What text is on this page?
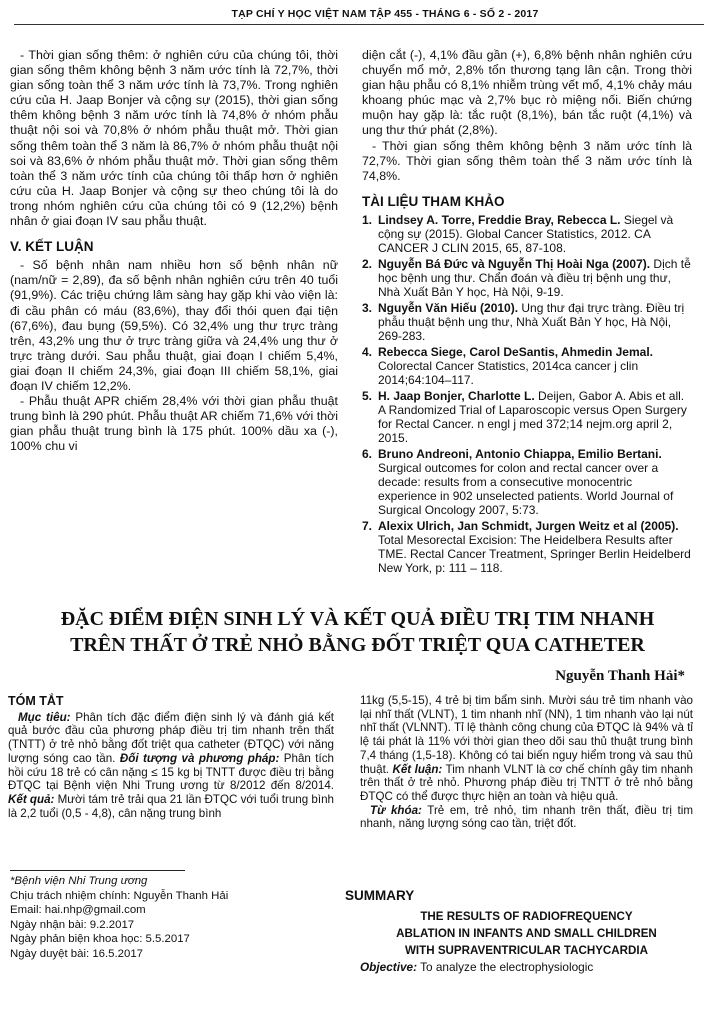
TẠP CHÍ Y HỌC VIỆT NAM TẬP 455 - THÁNG 6 - SỐ 2 - 2017

- Thời gian sống thêm: ở nghiên cứu của chúng tôi, thời gian sống thêm không bệnh 3 năm ước tính là 72,7%, thời gian sống toàn thể 3 năm ước tính là 73,7%. Trong nghiên cứu của H. Jaap Bonjer và cộng sự (2015), thời gian sống thêm không bệnh 3 năm ước tính là 74,8% ở nhóm phẫu thuật nội soi và 70,8% ở nhóm phẫu thuật mở. Thời gian sống thêm toàn thể 3 năm là 86,7% ở nhóm phẫu thuật nội soi và 83,6% ở nhóm phẫu thuật mở. Thời gian sống thêm toàn thể 3 năm ước tính của chúng tôi thấp hơn ở nghiên cứu của H. Jaap Bonjer và cộng sự theo chúng tôi là do trong nhóm nghiên cứu của chúng tôi có 9 (12,2%) bệnh nhân ở giai đoạn IV sau phẫu thuật.

V. KẾT LUẬN

- Số bệnh nhân nam nhiều hơn số bệnh nhân nữ (nam/nữ = 2,89), đa số bệnh nhân nghiên cứu trên 40 tuổi (91,9%). Các triệu chứng lâm sàng hay gặp khi vào viện là: đi cầu phân có máu (83,6%), thay đổi thói quen đại tiện (67,6%), đau bụng (59,5%). Có 32,4% ung thư trực tràng trên, 43,2% ung thư ở trực tràng giữa và 24,4% ung thư ở trực tràng dưới. Sau phẫu thuật, giai đoạn I chiếm 5,4%, giai đoạn II chiếm 24,3%, giai đoạn III chiếm 58,1%, giai đoạn IV chiếm 12,2%.

- Phẫu thuật APR chiếm 28,4% với thời gian phẫu thuật trung bình là 290 phút. Phẫu thuật AR chiếm 71,6% với thời gian phẫu thuật trung bình là 175 phút. 100% dầu xa (-), 100% chu vi

diện cắt (-), 4,1% đầu gần (+), 6,8% bệnh nhân nghiên cứu chuyển mổ mở, 2,8% tổn thương tạng lân cận. Trong thời gian hậu phẫu có 8,1% nhiễm trùng vết mổ, 4,1% chảy máu khoang phúc mạc và 2,7% bục rò miệng nối. Biến chứng muộn hay gặp là: tắc ruột (8,1%), bán tắc ruột (4,1%) và ung thư thứ phát (2,8%).

- Thời gian sống thêm không bệnh 3 năm ước tính là 72,7%. Thời gian sống thêm toàn thể 3 năm ước tính là 74,8%.

TÀI LIỆU THAM KHẢO
1. Lindsey A. Torre, Freddie Bray, Rebecca L. Siegel và cộng sự (2015). Global Cancer Statistics, 2012. CA CANCER J CLIN 2015, 65, 87-108.
2. Nguyễn Bá Đức và Nguyễn Thị Hoài Nga (2007). Dịch tễ học bệnh ung thư. Chẩn đoán và điều trị bệnh ung thư, Nhà Xuất Bản Y học, Hà Nội, 9-19.
3. Nguyễn Văn Hiếu (2010). Ung thư đại trực tràng. Điều trị phẫu thuật bệnh ung thư, Nhà Xuất Bản Y học, Hà Nội, 269-283.
4. Rebecca Siege, Carol DeSantis, Ahmedin Jemal. Colorectal Cancer Statistics, 2014ca cancer j clin 2014;64:104–117.
5. H. Jaap Bonjer, Charlotte L. Deijen, Gabor A. Abis et all. A Randomized Trial of Laparoscopic versus Open Surgery for Rectal Cancer. n engl j med 372;14 nejm.org april 2, 2015.
6. Bruno Andreoni, Antonio Chiappa, Emilio Bertani. Surgical outcomes for colon and rectal cancer over a decade: results from a consecutive monocentric experience in 902 unselected patients. World Journal of Surgical Oncology 2007, 5:73.
7. Alexix Ulrich, Jan Schmidt, Jurgen Weitz et al (2005). Total Mesorectal Excision: The Heidelbera Results after TME. Rectal Cancer Treatment, Springer Berlin Heidelberd New York, p: 111 – 118.
ĐẶC ĐIỂM ĐIỆN SINH LÝ VÀ KẾT QUẢ ĐIỀU TRỊ TIM NHANH
TRÊN THẤT Ở TRẺ NHỎ BẰNG ĐỐT TRIỆT QUA CATHETER
Nguyễn Thanh Hải*
TÓM TẮT

Mục tiêu: Phân tích đặc điểm điện sinh lý và đánh giá kết quả bước đầu của phương pháp điều trị tim nhanh trên thất (TNTT) ở trẻ nhỏ bằng đốt triệt qua catheter (ĐTQC) với năng lượng sóng cao tần. Đối tượng và phương pháp: Phân tích hồi cứu 18 trẻ có cân nặng ≤ 15 kg bị TNTT được điều trị bằng ĐTQC tại Bệnh viện Nhi Trung ương từ 8/2012 đến 8/2014. Kết quả: Mười tám trẻ trải qua 21 lần ĐTQC với tuổi trung bình là 2,2 tuổi (0,5 - 4,8), cân nặng trung bình

*Bệnh viện Nhi Trung ương
Chịu trách nhiệm chính: Nguyễn Thanh Hải
Email: hai.nhp@gmail.com
Ngày nhận bài: 9.2.2017
Ngày phản biện khoa học: 5.5.2017
Ngày duyệt bài: 16.5.2017

11kg (5,5-15), 4 trẻ bị tim bẩm sinh. Mười sáu trẻ tim nhanh vào lại nhĩ thất (VLNT), 1 tim nhanh nhĩ (NN), 1 tim nhanh vào lại nút nhĩ thất (VLNNT). Tỉ lệ thành công chung của ĐTQC là 94% và tỉ lệ tái phát là 11% với thời gian theo dõi sau thủ thuật trung bình 7,4 tháng (1,5-18). Không có tai biến nguy hiểm trong và sau thủ thuật. Kết luận: Tim nhanh VLNT là cơ chế chính gây tim nhanh trên thất ở trẻ nhỏ. Phương pháp điều trị TNTT ở trẻ nhỏ bằng ĐTQC có thể được thực hiện an toàn và hiệu quả.

Từ khóa: Trẻ em, trẻ nhỏ, tim nhanh trên thất, điều trị tim nhanh, năng lượng sóng cao tần, triệt đốt.

SUMMARY
THE RESULTS OF RADIOFREQUENCY
ABLATION IN INFANTS AND SMALL CHILDREN
WITH SUPRAVENTRICULAR TACHYCARDIA
Objective: To analyze the electrophysiologic
